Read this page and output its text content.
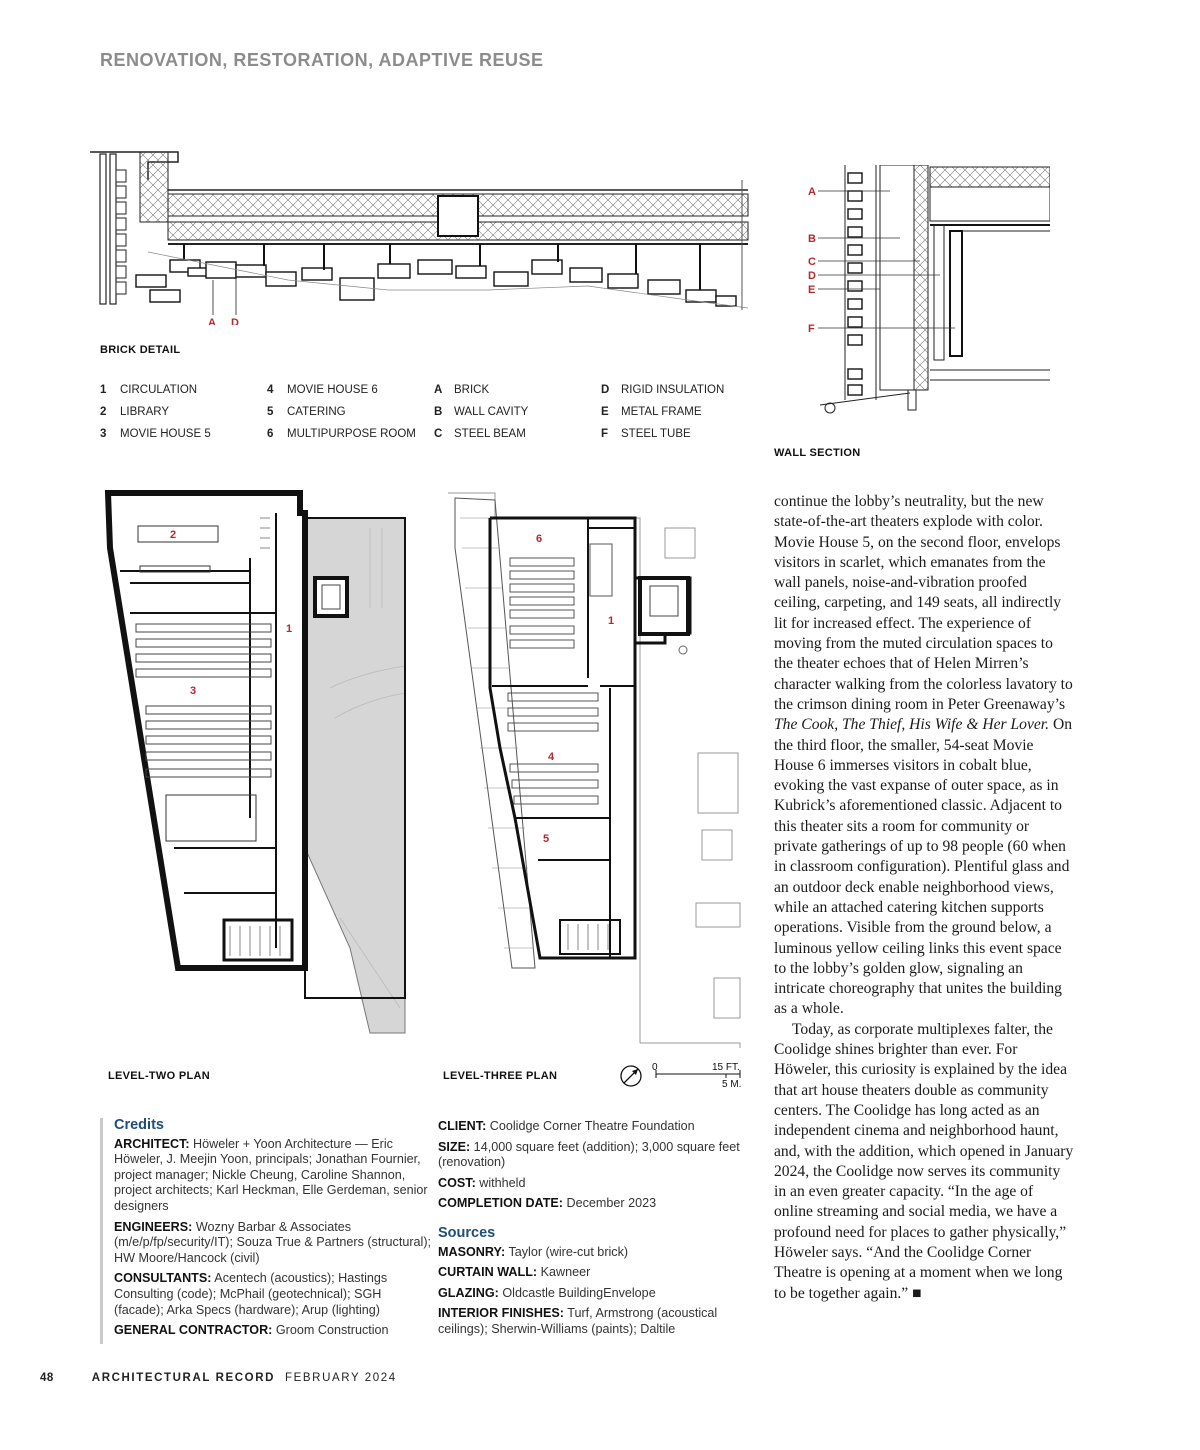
RENOVATION, RESTORATION, ADAPTIVE REUSE
A D
BRICK DETAIL
1 CIRCULATION
2 LIBRARY
3 MOVIE HOUSE 5
4 MOVIE HOUSE 6
5 CATERING
6 MULTIPURPOSE ROOM
A BRICK
B WALL CAVITY
C STEEL BEAM
D RIGID INSULATION
E METAL FRAME
F STEEL TUBE
A
B
C
D
E
F
WALL SECTION
2
1
3
LEVEL-TWO PLAN
6
1
4
5
LEVEL-THREE PLAN
0	15 FT.
5 M.

continue the lobby’s neutrality, but the new state-of-the-art theaters explode with color. Movie House 5, on the second floor, envelops visitors in scarlet, which emanates from the wall panels, noise-and-vibration proofed ceiling, carpeting, and 149 seats, all indirectly lit for increased effect. The experience of moving from the muted circulation spaces to the theater echoes that of Helen Mirren’s character walking from the colorless lavatory to the crimson dining room in Peter Greenaway’s The Cook, The Thief, His Wife & Her Lover. On the third floor, the smaller, 54-seat Movie House 6 immerses visitors in cobalt blue, evoking the vast expanse of outer space, as in Kubrick’s aforementioned classic. Adjacent to this theater sits a room for community or private gatherings of up to 98 people (60 when in classroom configuration). Plentiful glass and an outdoor deck enable neighborhood views, while an attached catering kitchen supports operations. Visible from the ground below, a luminous yellow ceiling links this event space to the lobby’s golden glow, signaling an intricate choreography that unites the building as a whole.

Today, as corporate multiplexes falter, the Coolidge shines brighter than ever. For Höweler, this curiosity is explained by the idea that art house theaters double as community centers. The Coolidge has long acted as an independent cinema and neighborhood haunt, and, with the addition, which opened in January 2024, the Coolidge now serves its community in an even greater capacity. “In the age of online streaming and social media, we have a profound need for places to gather physically,” Höweler says. “And the Coolidge Corner Theatre is opening at a moment when we long to be together again.” ■

Credits

ARCHITECT: Höweler + Yoon Architecture — Eric Höweler, J. Meejin Yoon, principals; Jonathan Fournier, project manager; Nickle Cheung, Caroline Shannon, project architects; Karl Heckman, Elle Gerdeman, senior designers

ENGINEERS: Wozny Barbar & Associates (m/e/p/fp/security/IT); Souza True & Partners (structural); HW Moore/Hancock (civil)

CONSULTANTS: Acentech (acoustics); Hastings Consulting (code); McPhail (geotechnical); SGH (facade); Arka Specs (hardware); Arup (lighting)

GENERAL CONTRACTOR: Groom Construction

CLIENT: Coolidge Corner Theatre Foundation

SIZE: 14,000 square feet (addition); 3,000 square feet (renovation)

COST: withheld

COMPLETION DATE: December 2023

Sources

MASONRY: Taylor (wire-cut brick)

CURTAIN WALL: Kawneer

GLAZING: Oldcastle BuildingEnvelope

INTERIOR FINISHES: Turf, Armstrong (acoustical ceilings); Sherwin-Williams (paints); Daltile

48	ARCHITECTURAL RECORD FEBRUARY 2024
